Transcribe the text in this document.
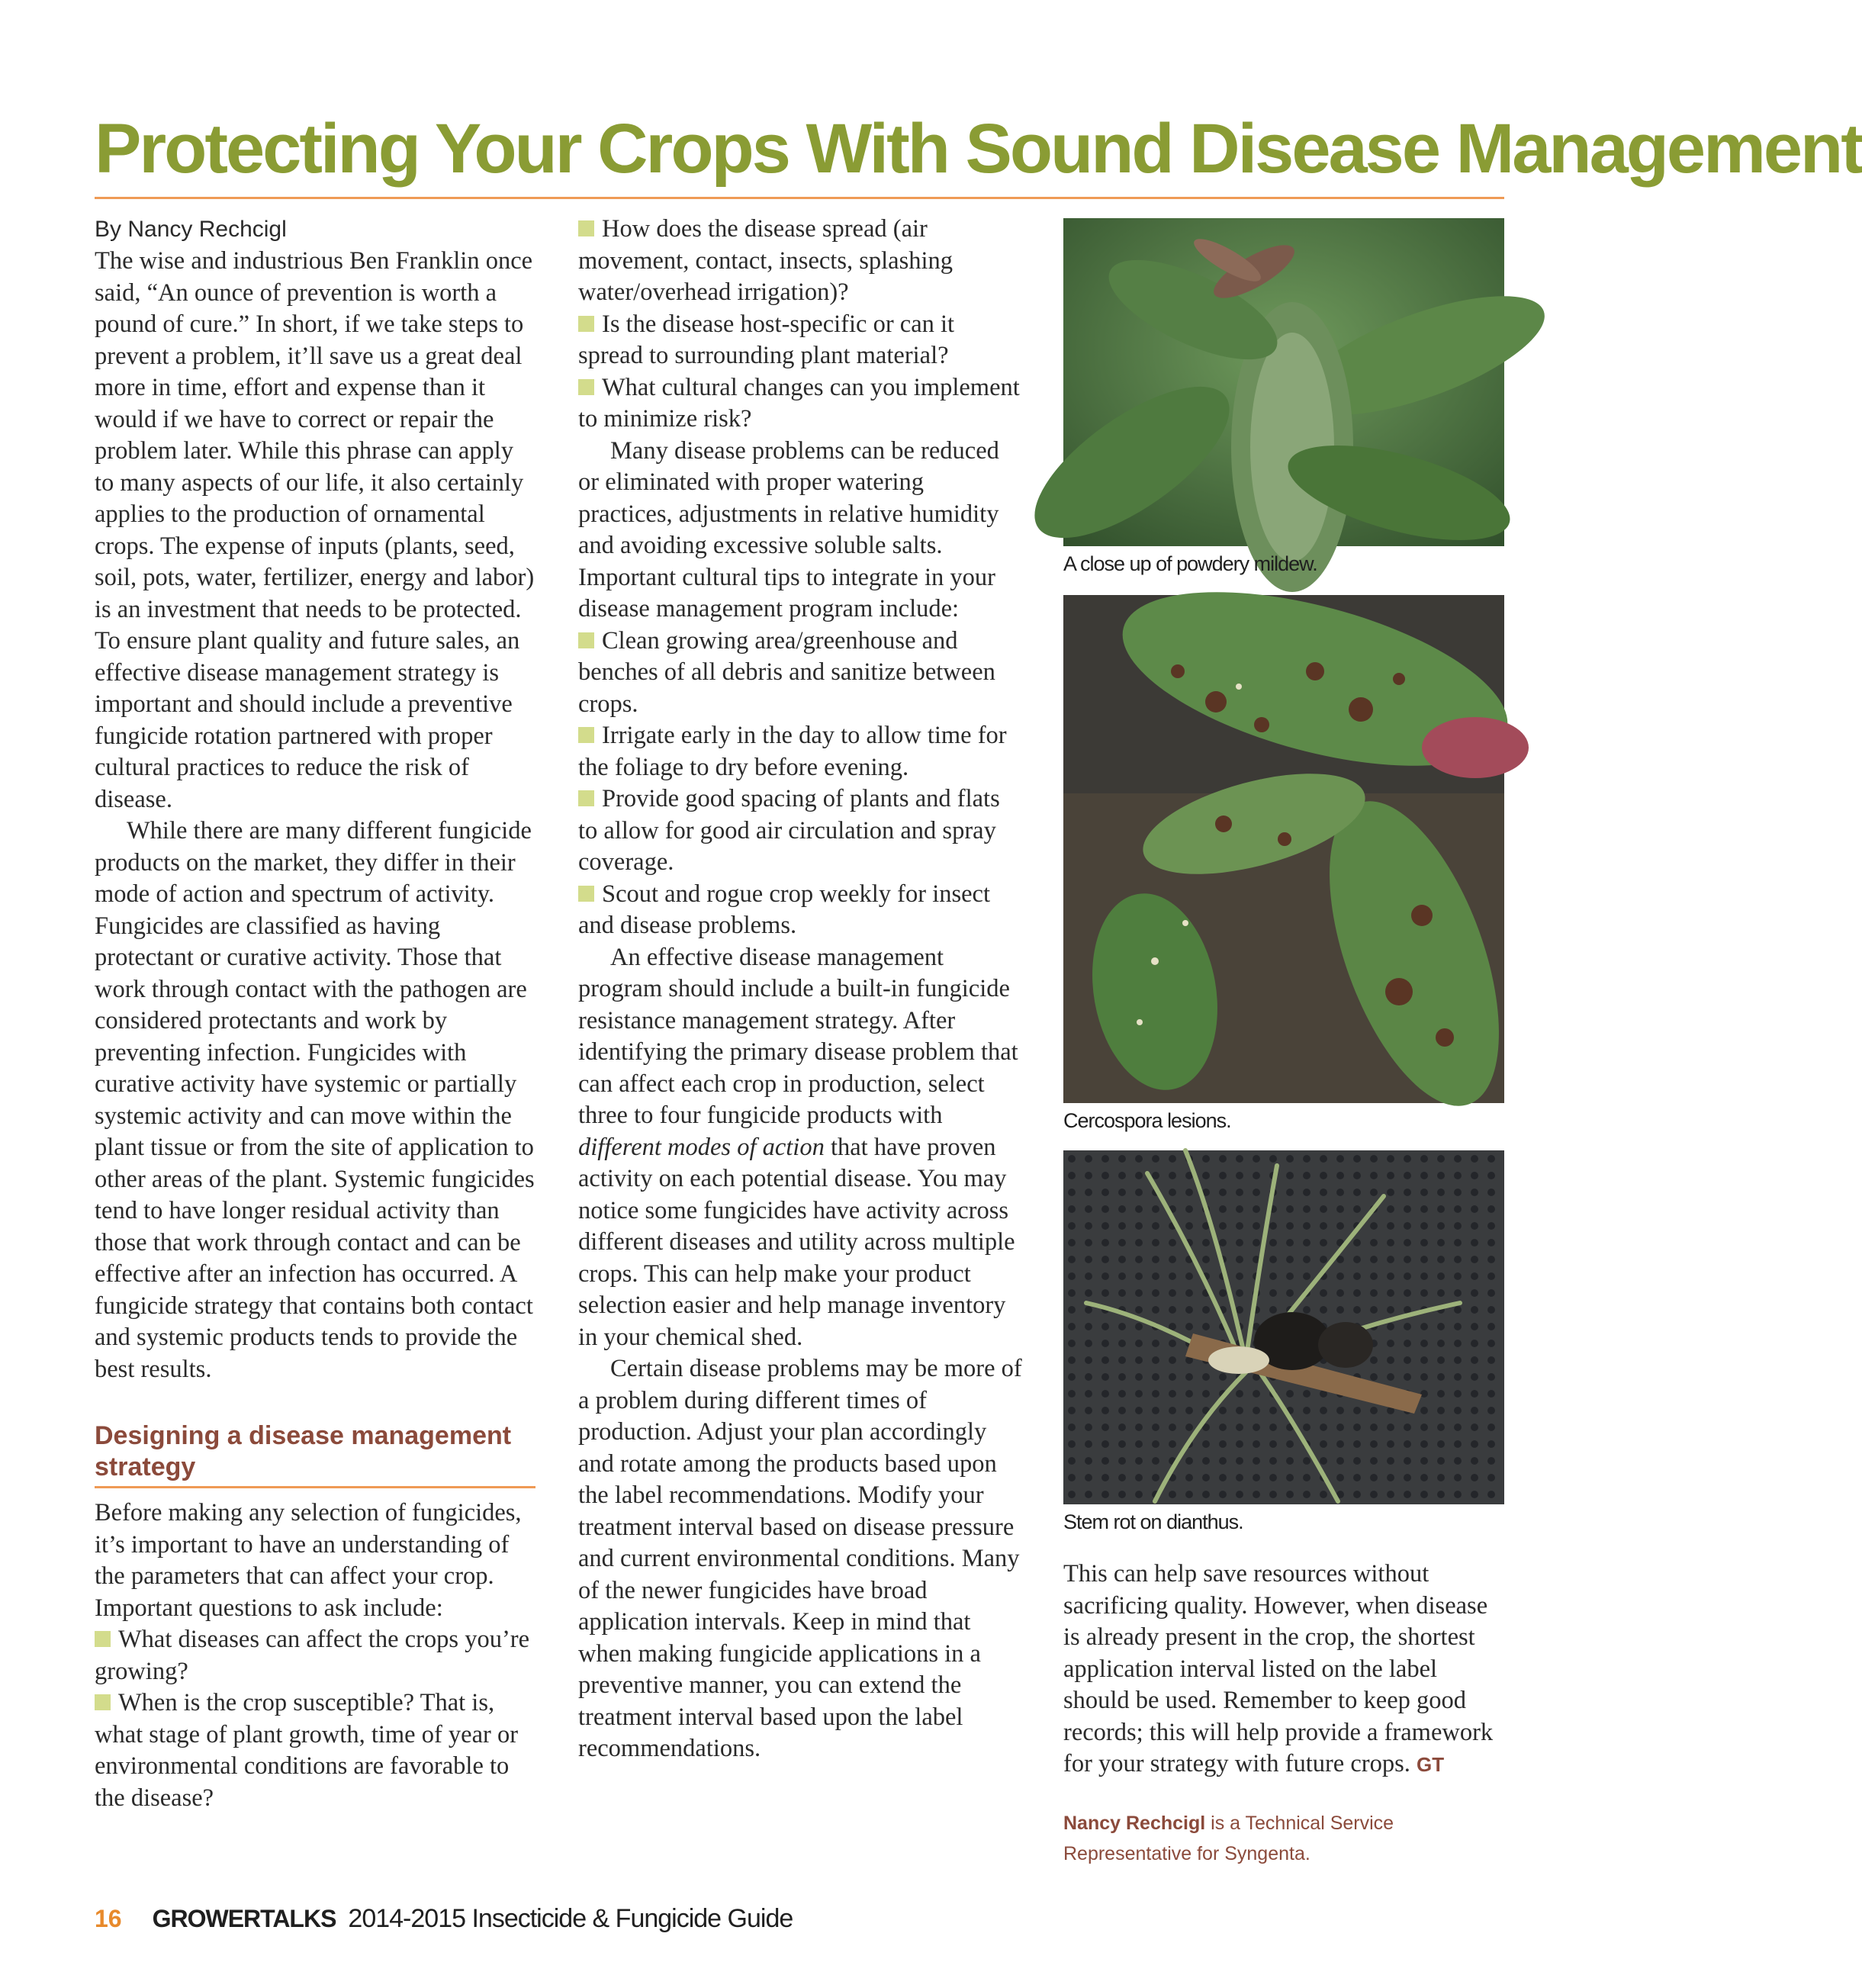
Protecting Your Crops With Sound Disease Management

By Nancy Rechcigl

The wise and industrious Ben Franklin once said, “An ounce of prevention is worth a pound of cure.” In short, if we take steps to prevent a problem, it’ll save us a great deal more in time, effort and expense than it would if we have to correct or repair the problem later. While this phrase can apply to many aspects of our life, it also certainly applies to the production of ornamental crops. The expense of inputs (plants, seed, soil, pots, water, fertilizer, energy and labor) is an investment that needs to be protected. To ensure plant quality and future sales, an effective disease management strategy is important and should include a preventive fungicide rotation partnered with proper cultural practices to reduce the risk of disease.

While there are many different fungicide products on the market, they differ in their mode of action and spectrum of activity. Fungicides are classified as having protectant or curative activity. Those that work through contact with the pathogen are considered protectants and work by preventing infection. Fungicides with curative activity have systemic or partially systemic activity and can move within the plant tissue or from the site of application to other areas of the plant. Systemic fungicides tend to have longer residual activity than those that work through contact and can be effective after an infection has occurred. A fungicide strategy that contains both contact and systemic products tends to provide the best results.

Designing a disease management strategy

Before making any selection of fungicides, it’s important to have an understanding of the parameters that can affect your crop. Important questions to ask include:

What diseases can affect the crops you’re growing?

When is the crop susceptible? That is, what stage of plant growth, time of year or environmental conditions are favorable to the disease?

How does the disease spread (air movement, contact, insects, splashing water/overhead irrigation)?

Is the disease host-specific or can it spread to surrounding plant material?

What cultural changes can you implement to minimize risk?

Many disease problems can be reduced or eliminated with proper watering practices, adjustments in relative humidity and avoiding excessive soluble salts. Important cultural tips to integrate in your disease management program include:

Clean growing area/greenhouse and benches of all debris and sanitize between crops.

Irrigate early in the day to allow time for the foliage to dry before evening.

Provide good spacing of plants and flats to allow for good air circulation and spray coverage.

Scout and rogue crop weekly for insect and disease problems.

An effective disease management program should include a built-in fungicide resistance management strategy. After identifying the primary disease problem that can affect each crop in production, select three to four fungicide products with different modes of action that have proven activity on each potential disease. You may notice some fungicides have activity across different diseases and utility across multiple crops. This can help make your product selection easier and help manage inventory in your chemical shed.

Certain disease problems may be more of a problem during different times of production. Adjust your plan accordingly and rotate among the products based upon the label recommendations. Modify your treatment interval based on disease pressure and current environmental conditions. Many of the newer fungicides have broad application intervals. Keep in mind that when making fungicide applications in a preventive manner, you can extend the treatment interval based upon the label recommendations.

A close up of powdery mildew.
Cercospora lesions.
Stem rot on dianthus.

This can help save resources without sacrificing quality. However, when disease is already present in the crop, the shortest application interval listed on the label should be used. Remember to keep good records; this will help provide a framework for your strategy with future crops. GT

Nancy Rechcigl is a Technical Service Representative for Syngenta.
16 GROWERTALKS 2014-2015 Insecticide & Fungicide Guide
